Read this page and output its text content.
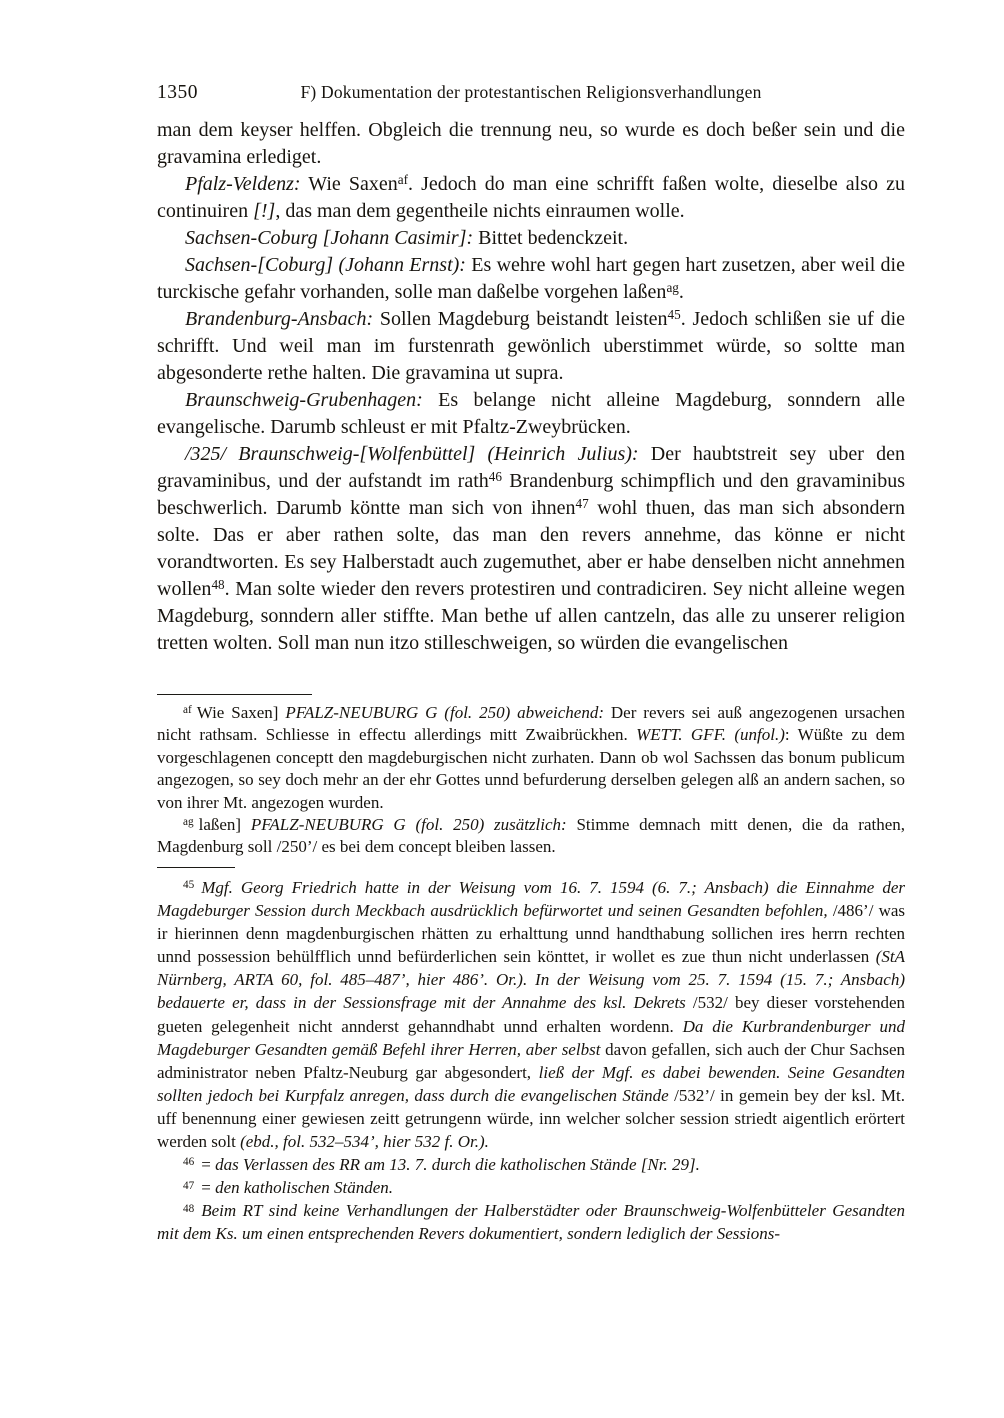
1350	F) Dokumentation der protestantischen Religionsverhandlungen

man dem keyser helffen. Obgleich die trennung neu, so wurde es doch beßer sein und die gravamina erlediget.

Pfalz-Veldenz: Wie Saxen$^{af}$. Jedoch do man eine schrifft faßen wolte, dieselbe also zu continuiren [!], das man dem gegentheile nichts einraumen wolle.

Sachsen-Coburg [Johann Casimir]: Bittet bedenckzeit.

Sachsen-[Coburg] (Johann Ernst): Es wehre wohl hart gegen hart zusetzen, aber weil die turckische gefahr vorhanden, solle man daßelbe vorgehen laßen$^{ag}$.

Brandenburg-Ansbach: Sollen Magdeburg beistandt leisten$^{45}$. Jedoch schlißen sie uf die schrifft. Und weil man im furstenrath gewönlich uberstimmet würde, so soltte man abgesonderte rethe halten. Die gravamina ut supra.

Braunschweig-Grubenhagen: Es belange nicht alleine Magdeburg, sonndern alle evangelische. Darumb schleust er mit Pfaltz-Zweybrücken.

/325/ Braunschweig-[Wolfenbüttel] (Heinrich Julius): Der haubtstreit sey uber den gravaminibus, und der aufstandt im rath$^{46}$ Brandenburg schimpflich und den gravaminibus beschwerlich. Darumb köntte man sich von ihnen$^{47}$ wohl thuen, das man sich absondern solte. Das er aber rathen solte, das man den revers annehme, das könne er nicht vorandtworten. Es sey Halberstadt auch zugemuthet, aber er habe denselben nicht annehmen wollen$^{48}$. Man solte wieder den revers protestiren und contradiciren. Sey nicht alleine wegen Magdeburg, sonndern aller stiffte. Man bethe uf allen cantzeln, das alle zu unserer religion tretten wolten. Soll man nun itzo stilleschweigen, so würden die evangelischen

$^{af}$ Wie Saxen] PFALZ-NEUBURG G (fol. 250) abweichend: Der revers sei auß angezogenen ursachen nicht rathsam. Schliesse in effectu allerdings mitt Zwaibrückhen. WETT. GFF. (unfol.): Wüßte zu dem vorgeschlagenen conceptt den magdeburgischen nicht zurhaten. Dann ob wol Sachssen das bonum publicum angezogen, so sey doch mehr an der ehr Gottes unnd befurderung derselben gelegen alß an andern sachen, so von ihrer Mt. angezogen wurden.

$^{ag}$ laßen] PFALZ-NEUBURG G (fol. 250) zusätzlich: Stimme demnach mitt denen, die da rathen, Magdenburg soll /250’/ es bei dem concept bleiben lassen.

$^{45}$ Mgf. Georg Friedrich hatte in der Weisung vom 16. 7. 1594 (6. 7.; Ansbach) die Einnahme der Magdeburger Session durch Meckbach ausdrücklich befürwortet und seinen Gesandten befohlen, /486’/ was ir hierinnen denn magdenburgischen rhätten zu erhalttung unnd handthabung sollichen ires herrn rechten unnd possession behülfflich unnd befürderlichen sein könttet, ir wollet es zue thun nicht underlassen (StA Nürnberg, ARTA 60, fol. 485–487’, hier 486’. Or.). In der Weisung vom 25. 7. 1594 (15. 7.; Ansbach) bedauerte er, dass in der Sessionsfrage mit der Annahme des ksl. Dekrets /532/ bey dieser vorstehenden gueten gelegenheit nicht annderst gehanndhabt unnd erhalten wordenn. Da die Kurbrandenburger und Magdeburger Gesandten gemäß Befehl ihrer Herren, aber selbst davon gefallen, sich auch der Chur Sachsen administrator neben Pfaltz-Neuburg gar abgesondert, ließ der Mgf. es dabei bewenden. Seine Gesandten sollten jedoch bei Kurpfalz anregen, dass durch die evangelischen Stände /532’/ in gemein bey der ksl. Mt. uff benennung einer gewiesen zeitt getrungenn würde, inn welcher solcher session striedt aigentlich erörtert werden solt (ebd., fol. 532–534’, hier 532 f. Or.).

$^{46}$ = das Verlassen des RR am 13. 7. durch die katholischen Stände [Nr. 29].

$^{47}$ = den katholischen Ständen.

$^{48}$ Beim RT sind keine Verhandlungen der Halberstädter oder Braunschweig-Wolfenbütteler Gesandten mit dem Ks. um einen entsprechenden Revers dokumentiert, sondern lediglich der Sessions-
